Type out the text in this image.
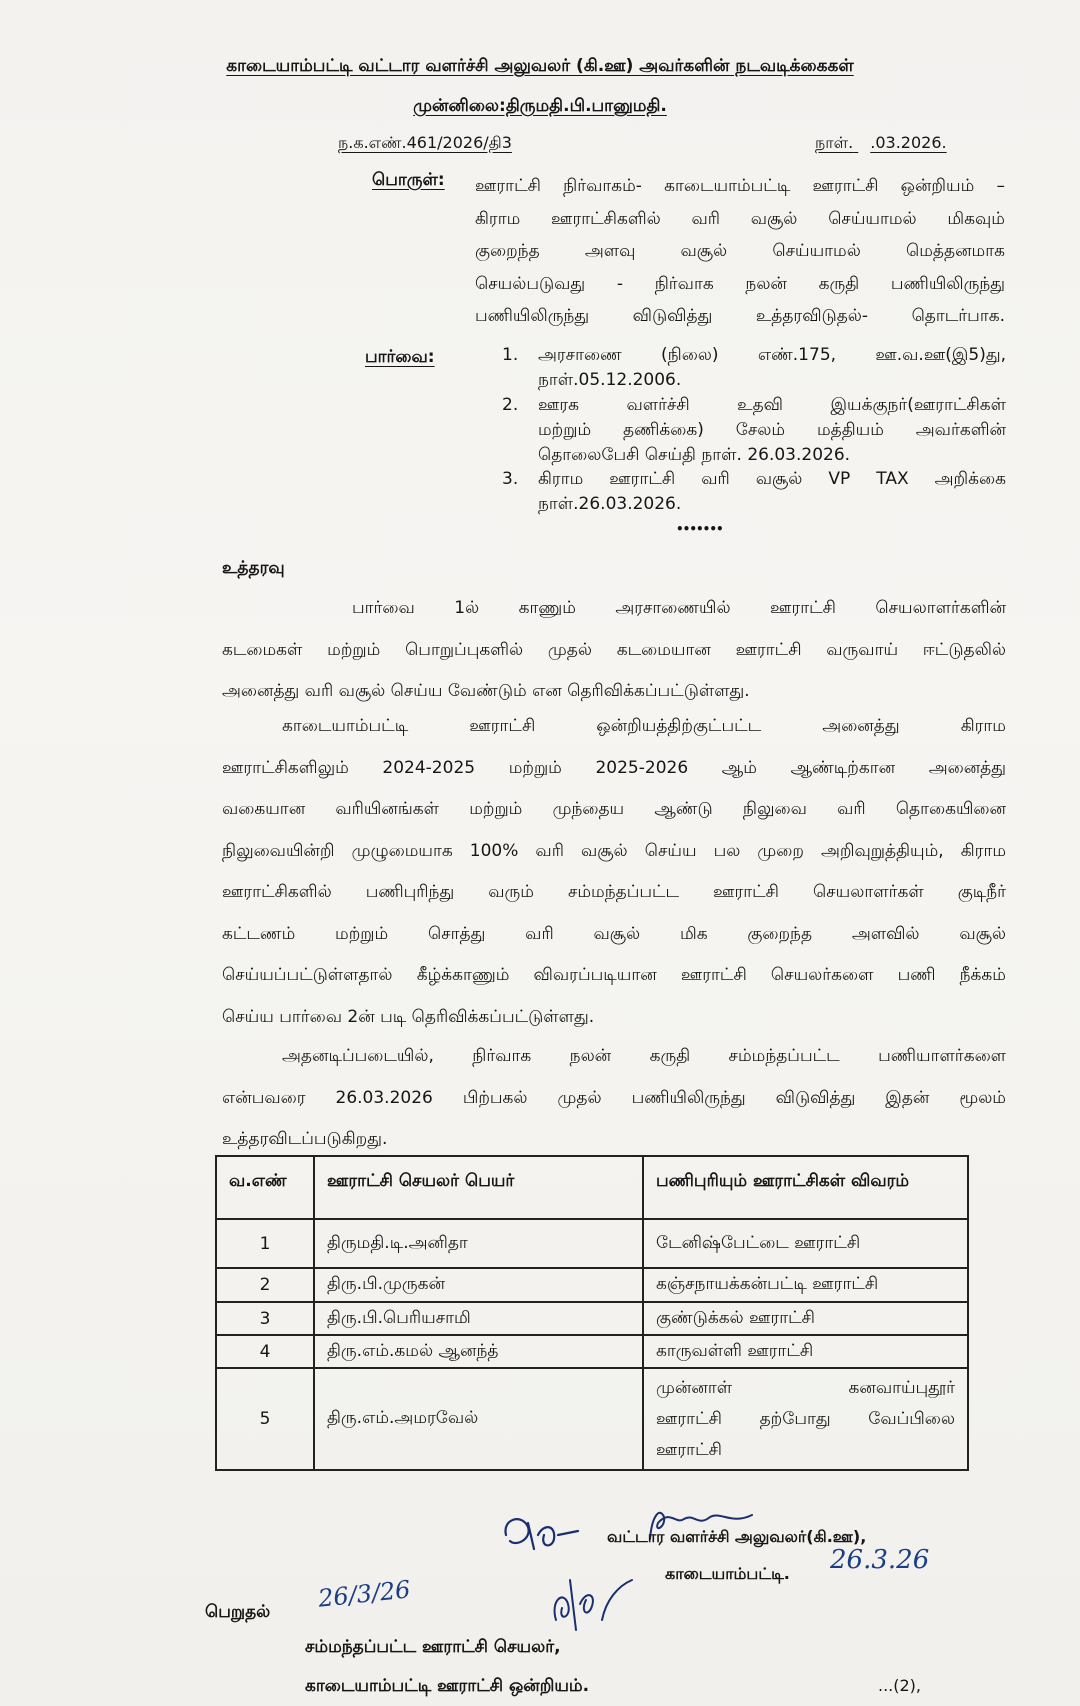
காடையாம்பட்டி வட்டார வளர்ச்சி அலுவலர் (கி.ஊ) அவர்களின் நடவடிக்கைகள்
முன்னிலை:திருமதி.பி.பானுமதி.
ந.க.எண்.461/2026/தி3	நாள். .03.2026.
பொருள்: ஊராட்சி நிர்வாகம்- காடையாம்பட்டி ஊராட்சி ஒன்றியம் –
கிராம ஊராட்சிகளில் வரி வசூல் செய்யாமல் மிகவும்
குறைந்த அளவு வசூல் செய்யாமல் மெத்தனமாக
செயல்படுவது - நிர்வாக நலன் கருதி பணியிலிருந்து
பணியிலிருந்து விடுவித்து உத்தரவிடுதல்- தொடர்பாக.
பார்வை:	1. அரசாணை (நிலை) எண்.175, ஊ.வ.ஊ(இ5)து,
நாள்.05.12.2006.
2. ஊரக வளர்ச்சி உதவி இயக்குநர்(ஊராட்சிகள்
மற்றும் தணிக்கை) சேலம் மத்தியம் அவர்களின்
தொலைபேசி செய்தி நாள். 26.03.2026.
3. கிராம ஊராட்சி வரி வசூல் VP TAX அறிக்கை
நாள்.26.03.2026.
•••••••
உத்தரவு
பார்வை 1ல் காணும் அரசாணையில் ஊராட்சி செயலாளர்களின்
கடமைகள் மற்றும் பொறுப்புகளில் முதல் கடமையான ஊராட்சி வருவாய் ஈட்டுதலில்
அனைத்து வரி வசூல் செய்ய வேண்டும் என தெரிவிக்கப்பட்டுள்ளது.
காடையாம்பட்டி ஊராட்சி ஒன்றியத்திற்குட்பட்ட அனைத்து கிராம
ஊராட்சிகளிலும் 2024-2025 மற்றும் 2025-2026 ஆம் ஆண்டிற்கான அனைத்து
வகையான வரியினங்கள் மற்றும் முந்தைய ஆண்டு நிலுவை வரி தொகையினை
நிலுவையின்றி முழுமையாக 100% வரி வசூல் செய்ய பல முறை அறிவுறுத்தியும், கிராம
ஊராட்சிகளில் பணிபுரிந்து வரும் சம்மந்தப்பட்ட ஊராட்சி செயலாளர்கள் குடிநீர்
கட்டணம் மற்றும் சொத்து வரி வசூல் மிக குறைந்த அளவில் வசூல்
செய்யப்பட்டுள்ளதால் கீழ்க்காணும் விவரப்படியான ஊராட்சி செயலர்களை பணி நீக்கம்
செய்ய பார்வை 2ன் படி தெரிவிக்கப்பட்டுள்ளது.
அதனடிப்படையில், நிர்வாக நலன் கருதி சம்மந்தப்பட்ட பணியாளர்களை
என்பவரை 26.03.2026 பிற்பகல் முதல் பணியிலிருந்து விடுவித்து இதன் மூலம்
உத்தரவிடப்படுகிறது.
வ.எண்	ஊராட்சி செயலர் பெயர்	பணிபுரியும் ஊராட்சிகள் விவரம்
1	திருமதி.டி.அனிதா	டேனிஷ்பேட்டை ஊராட்சி
2	திரு.பி.முருகன்	கஞ்சநாயக்கன்பட்டி ஊராட்சி
3	திரு.பி.பெரியசாமி	குண்டுக்கல் ஊராட்சி
4	திரு.எம்.கமல் ஆனந்த்	காருவள்ளி ஊராட்சி
5	திரு.எம்.அமரவேல்	முன்னாள் கனவாய்புதூர்
ஊராட்சி தற்போது வேப்பிலை
ஊராட்சி
வட்டார வளர்ச்சி அலுவலர்(கி.ஊ),
26.3.26
காடையாம்பட்டி.
பெறுதல் 26/3/26
சம்மந்தப்பட்ட ஊராட்சி செயலர்,
காடையாம்பட்டி ஊராட்சி ஒன்றியம்.	...(2),
